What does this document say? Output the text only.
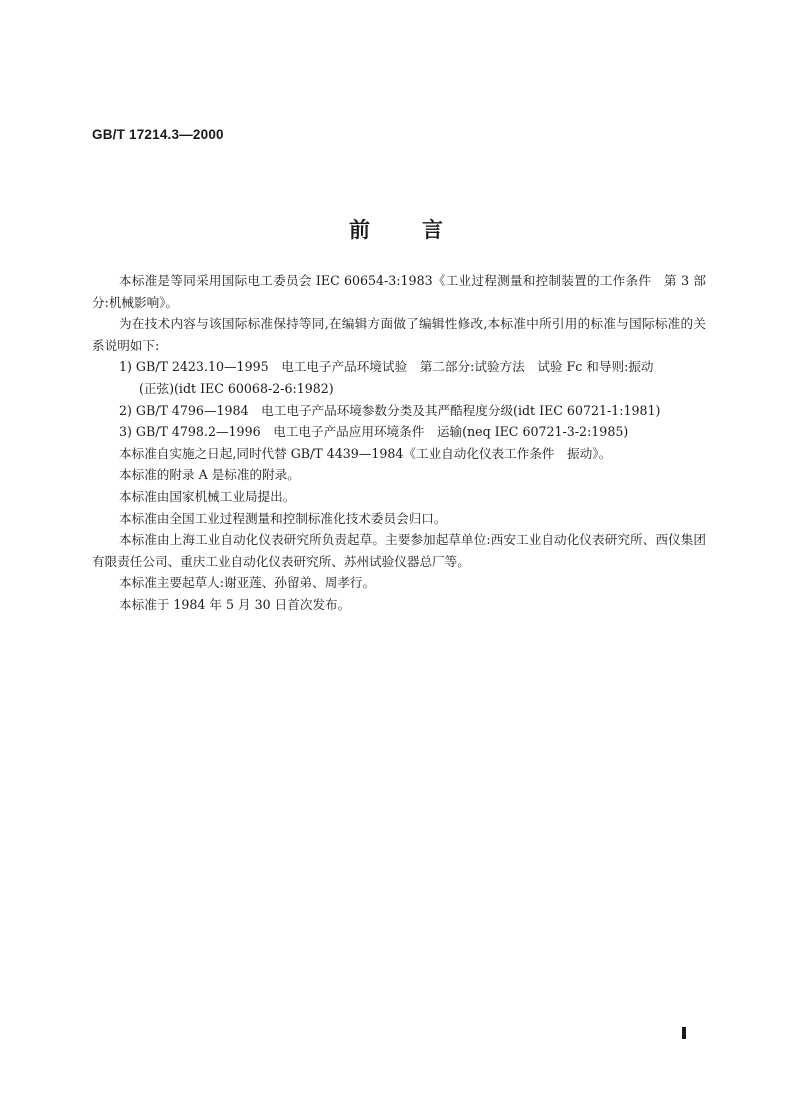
GB/T 17214.3—2000
前 言

本标准是等同采用国际电工委员会 IEC 60654-3:1983《工业过程测量和控制装置的工作条件　第 3 部分:机械影响》。

为在技术内容与该国际标准保持等同,在编辑方面做了编辑性修改,本标准中所引用的标准与国际标准的关系说明如下:

1) GB/T 2423.10—1995　电工电子产品环境试验　第二部分:试验方法　试验 Fc 和导则:振动

(正弦)(idt IEC 60068-2-6:1982)

2) GB/T 4796—1984　电工电子产品环境参数分类及其严酷程度分级(idt IEC 60721-1:1981)

3) GB/T 4798.2—1996　电工电子产品应用环境条件　运输(neq IEC 60721-3-2:1985)

本标准自实施之日起,同时代替 GB/T 4439—1984《工业自动化仪表工作条件　振动》。

本标准的附录 A 是标准的附录。

本标准由国家机械工业局提出。

本标准由全国工业过程测量和控制标准化技术委员会归口。

本标准由上海工业自动化仪表研究所负责起草。主要参加起草单位:西安工业自动化仪表研究所、西仪集团有限责任公司、重庆工业自动化仪表研究所、苏州试验仪器总厂等。

本标准主要起草人:谢亚莲、孙留弟、周孝行。

本标准于 1984 年 5 月 30 日首次发布。
